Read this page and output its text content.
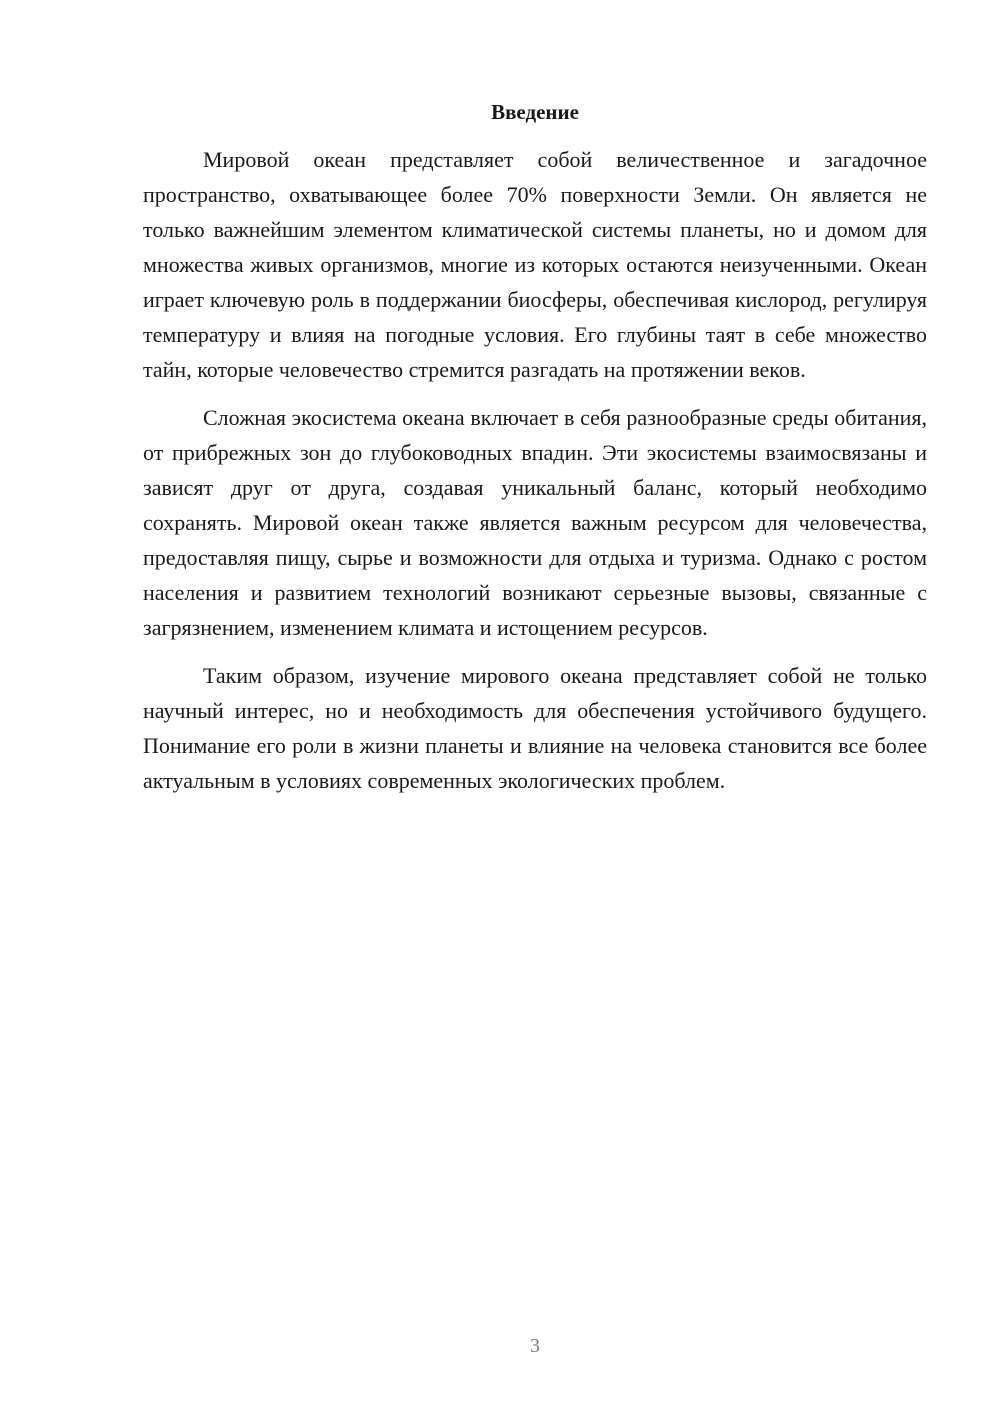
Введение

Мировой океан представляет собой величественное и загадочное пространство, охватывающее более 70% поверхности Земли. Он является не только важнейшим элементом климатической системы планеты, но и домом для множества живых организмов, многие из которых остаются неизученными. Океан играет ключевую роль в поддержании биосферы, обеспечивая кислород, регулируя температуру и влияя на погодные условия. Его глубины таят в себе множество тайн, которые человечество стремится разгадать на протяжении веков.

Сложная экосистема океана включает в себя разнообразные среды обитания, от прибрежных зон до глубоководных впадин. Эти экосистемы взаимосвязаны и зависят друг от друга, создавая уникальный баланс, который необходимо сохранять. Мировой океан также является важным ресурсом для человечества, предоставляя пищу, сырье и возможности для отдыха и туризма. Однако с ростом населения и развитием технологий возникают серьезные вызовы, связанные с загрязнением, изменением климата и истощением ресурсов.

Таким образом, изучение мирового океана представляет собой не только научный интерес, но и необходимость для обеспечения устойчивого будущего. Понимание его роли в жизни планеты и влияние на человека становится все более актуальным в условиях современных экологических проблем.

3
